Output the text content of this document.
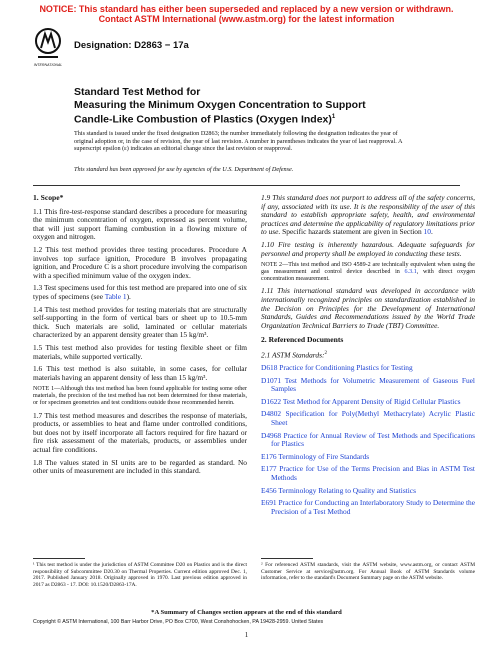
NOTICE: This standard has either been superseded and replaced by a new version or withdrawn.
Contact ASTM International (www.astm.org) for the latest information
INTERNATIONAL
Designation: D2863 − 17a
Standard Test Method for
Measuring the Minimum Oxygen Concentration to Support
Candle-Like Combustion of Plastics (Oxygen Index)$^1$
This standard is issued under the fixed designation D2863; the number immediately following the designation indicates the year of original adoption or, in the case of revision, the year of last revision. A number in parentheses indicates the year of last reapproval. A superscript epsilon (ε) indicates an editorial change since the last revision or reapproval.
This standard has been approved for use by agencies of the U.S. Department of Defense.
1. Scope*

1.1 This fire-test-response standard describes a procedure for measuring the minimum concentration of oxygen, expressed as percent volume, that will just support flaming combustion in a flowing mixture of oxygen and nitrogen.

1.2 This test method provides three testing procedures. Procedure A involves top surface ignition, Procedure B involves propagating ignition, and Procedure C is a short procedure involving the comparison with a specified minimum value of the oxygen index.

1.3 Test specimens used for this test method are prepared into one of six types of specimens (see Table 1).

1.4 This test method provides for testing materials that are structurally self-supporting in the form of vertical bars or sheet up to 10.5-mm thick. Such materials are solid, laminated or cellular materials characterized by an apparent density greater than 15 kg/m³.

1.5 This test method also provides for testing flexible sheet or film materials, while supported vertically.

1.6 This test method is also suitable, in some cases, for cellular materials having an apparent density of less than 15 kg/m³.

NOTE 1—Although this test method has been found applicable for testing some other materials, the precision of the test method has not been determined for these materials, or for specimen geometries and test conditions outside those recommended herein.

1.7 This test method measures and describes the response of materials, products, or assemblies to heat and flame under controlled conditions, but does not by itself incorporate all factors required for fire hazard or fire risk assessment of the materials, products, or assemblies under actual fire conditions.

1.8 The values stated in SI units are to be regarded as standard. No other units of measurement are included in this standard.

1.9 This standard does not purport to address all of the safety concerns, if any, associated with its use. It is the responsibility of the user of this standard to establish appropriate safety, health, and environmental practices and determine the applicability of regulatory limitations prior to use. Specific hazards statement are given in Section 10.

1.10 Fire testing is inherently hazardous. Adequate safeguards for personnel and property shall be employed in conducting these tests.

NOTE 2—This test method and ISO 4589-2 are technically equivalent when using the gas measurement and control device described in 6.3.1, with direct oxygen concentration measurement.

1.11 This international standard was developed in accordance with internationally recognized principles on standardization established in the Decision on Principles for the Development of International Standards, Guides and Recommendations issued by the World Trade Organization Technical Barriers to Trade (TBT) Committee.

2. Referenced Documents

2.1 ASTM Standards:$^2$

D618 Practice for Conditioning Plastics for Testing

D1071 Test Methods for Volumetric Measurement of Gaseous Fuel Samples

D1622 Test Method for Apparent Density of Rigid Cellular Plastics

D4802 Specification for Poly(Methyl Methacrylate) Acrylic Plastic Sheet

D4968 Practice for Annual Review of Test Methods and Specifications for Plastics

E176 Terminology of Fire Standards

E177 Practice for Use of the Terms Precision and Bias in ASTM Test Methods

E456 Terminology Relating to Quality and Statistics

E691 Practice for Conducting an Interlaboratory Study to Determine the Precision of a Test Method

¹ This test method is under the jurisdiction of ASTM Committee D20 on Plastics and is the direct responsibility of Subcommittee D20.30 on Thermal Properties. Current edition approved Dec. 1, 2017. Published January 2018. Originally approved in 1970. Last previous edition approved in 2017 as D2863 - 17. DOI: 10.1520/D2863-17A.
² For referenced ASTM standards, visit the ASTM website, www.astm.org, or contact ASTM Customer Service at service@astm.org. For Annual Book of ASTM Standards volume information, refer to the standard's Document Summary page on the ASTM website.
*A Summary of Changes section appears at the end of this standard
Copyright © ASTM International, 100 Barr Harbor Drive, PO Box C700, West Conshohocken, PA 19428-2959. United States
1
